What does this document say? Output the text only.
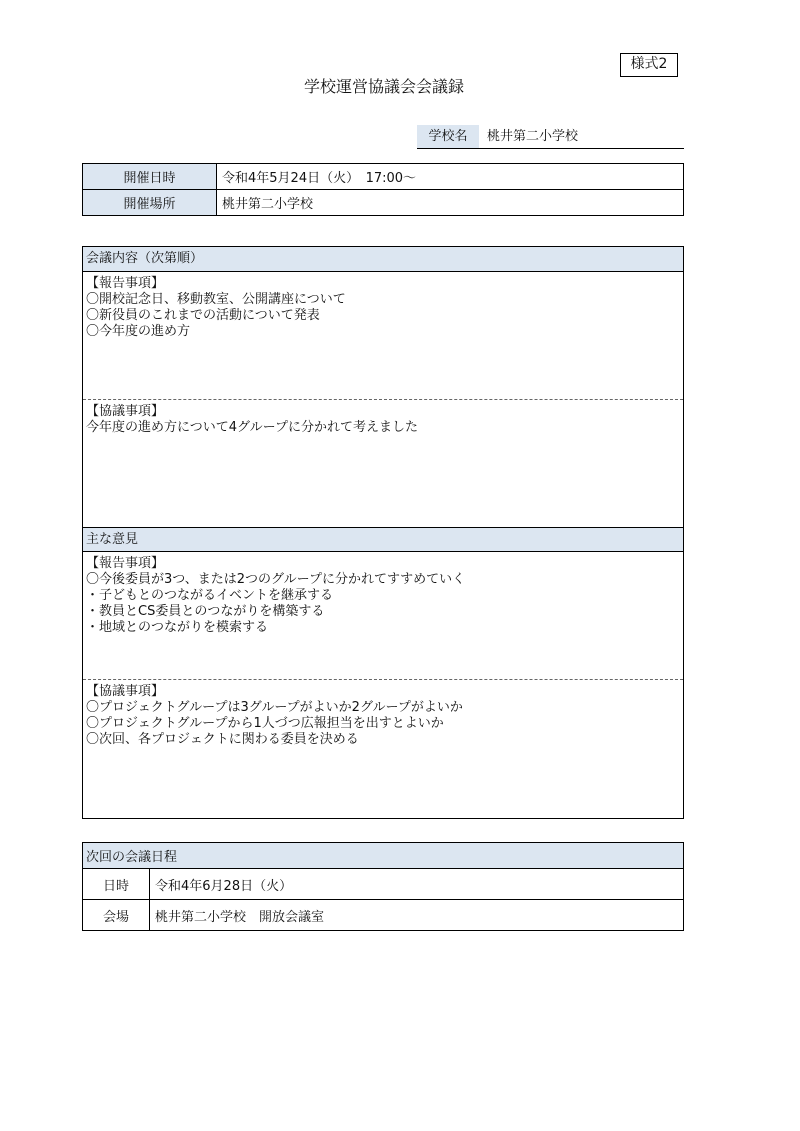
様式2
学校運営協議会会議録
学校名	桃井第二小学校
開催日時	令和4年5月24日（火）　17:00～
開催場所	桃井第二小学校
会議内容（次第順）
【報告事項】
〇開校記念日、移動教室、公開講座について
〇新役員のこれまでの活動について発表
〇今年度の進め方
【協議事項】
今年度の進め方について4グループに分かれて考えました
主な意見
【報告事項】
〇今後委員が3つ、または2つのグループに分かれてすすめていく
・子どもとのつながるイベントを継承する
・教員とCS委員とのつながりを構築する
・地域とのつながりを模索する
【協議事項】
〇プロジェクトグループは3グループがよいか2グループがよいか
〇プロジェクトグループから1人づつ広報担当を出すとよいか
〇次回、各プロジェクトに関わる委員を決める
次回の会議日程	
日時	令和4年6月28日（火）
会場	桃井第二小学校　開放会議室
